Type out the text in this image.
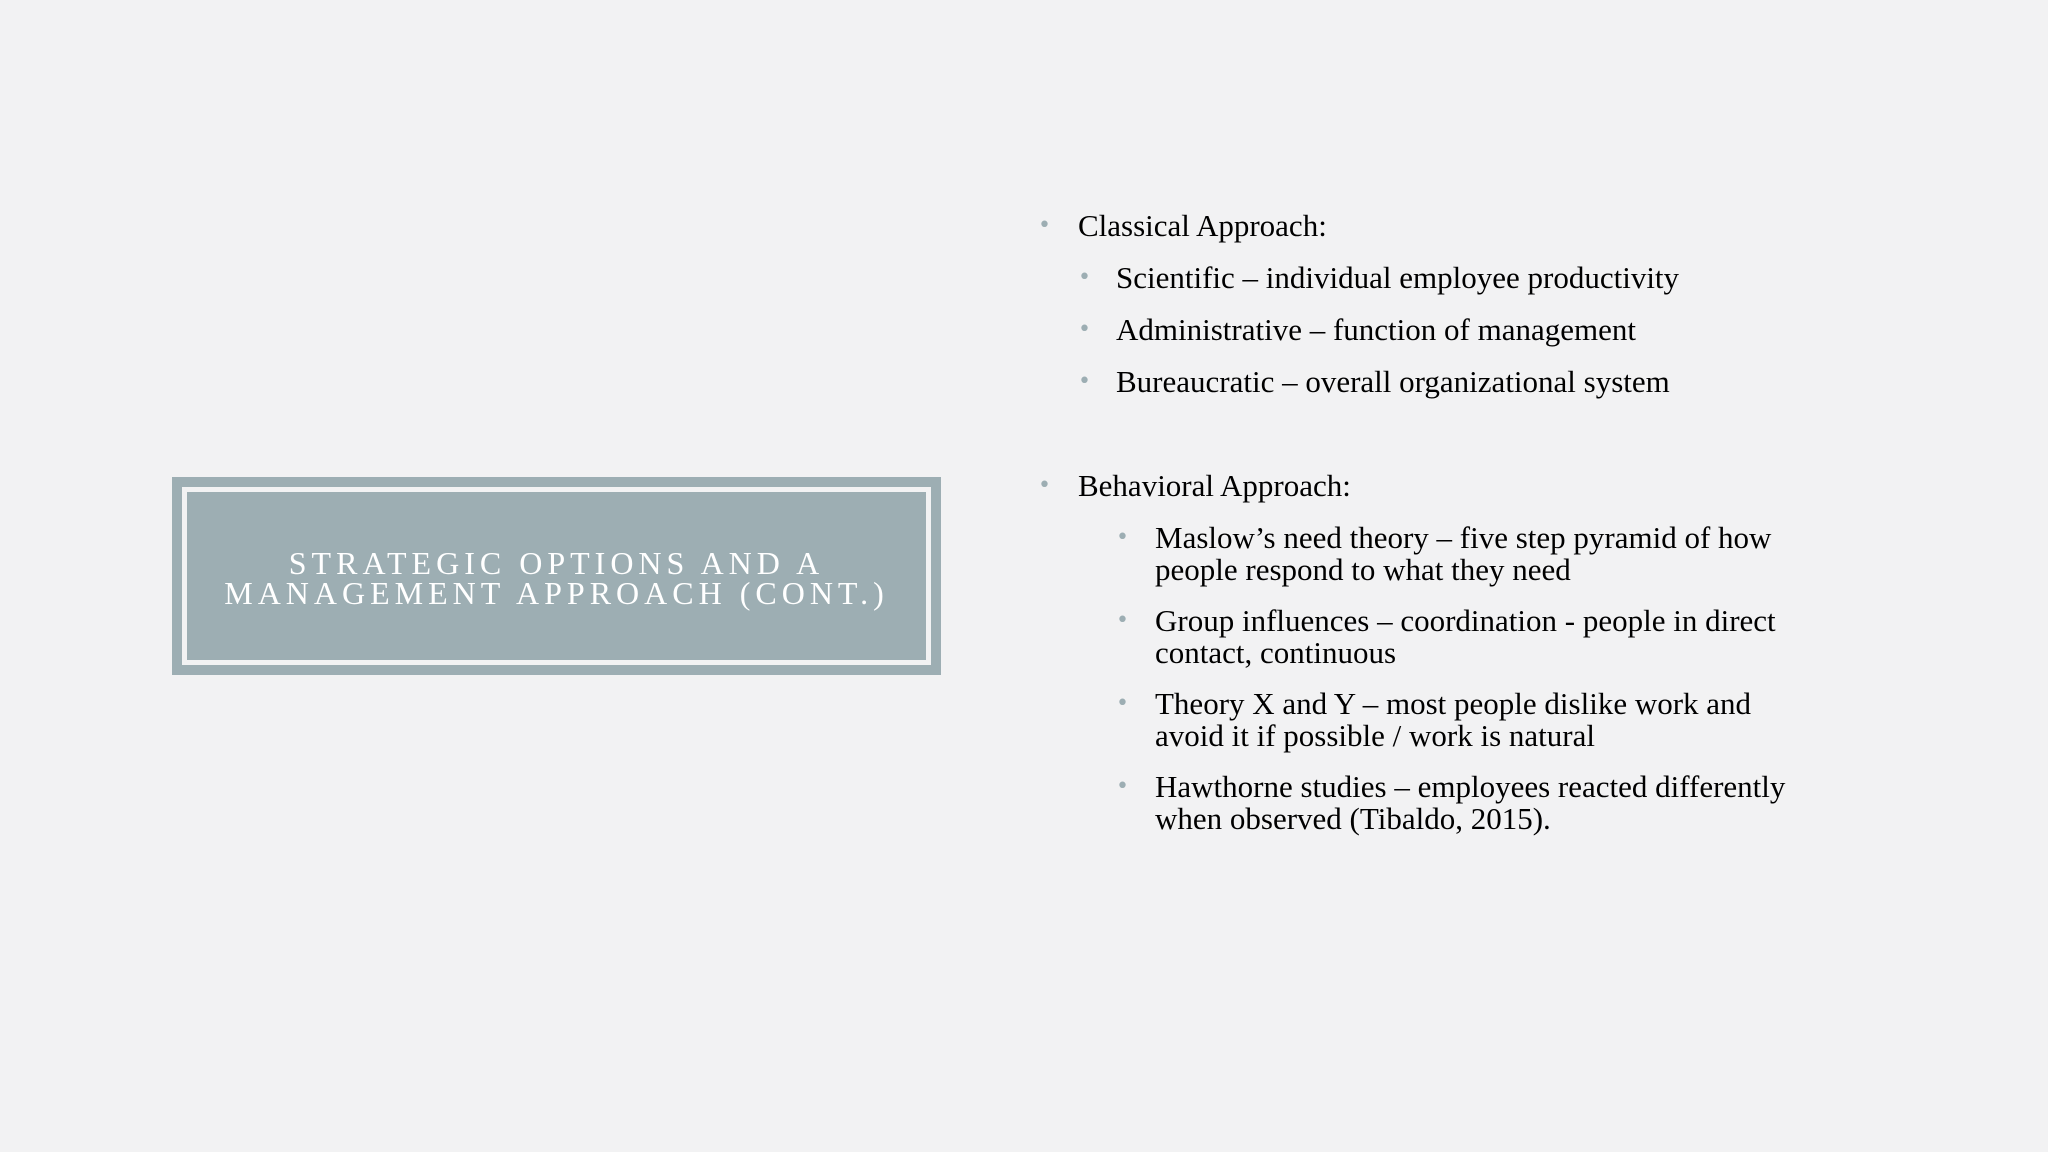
STRATEGIC OPTIONS AND A
MANAGEMENT APPROACH (CONT.)
• Classical Approach:
• Scientific – individual employee productivity
• Administrative – function of management
• Bureaucratic – overall organizational system
• Behavioral Approach:
• Maslow’s need theory – five step pyramid of how
people respond to what they need
• Group influences – coordination - people in direct
contact, continuous
• Theory X and Y – most people dislike work and
avoid it if possible / work is natural
• Hawthorne studies – employees reacted differently
when observed (Tibaldo, 2015).
